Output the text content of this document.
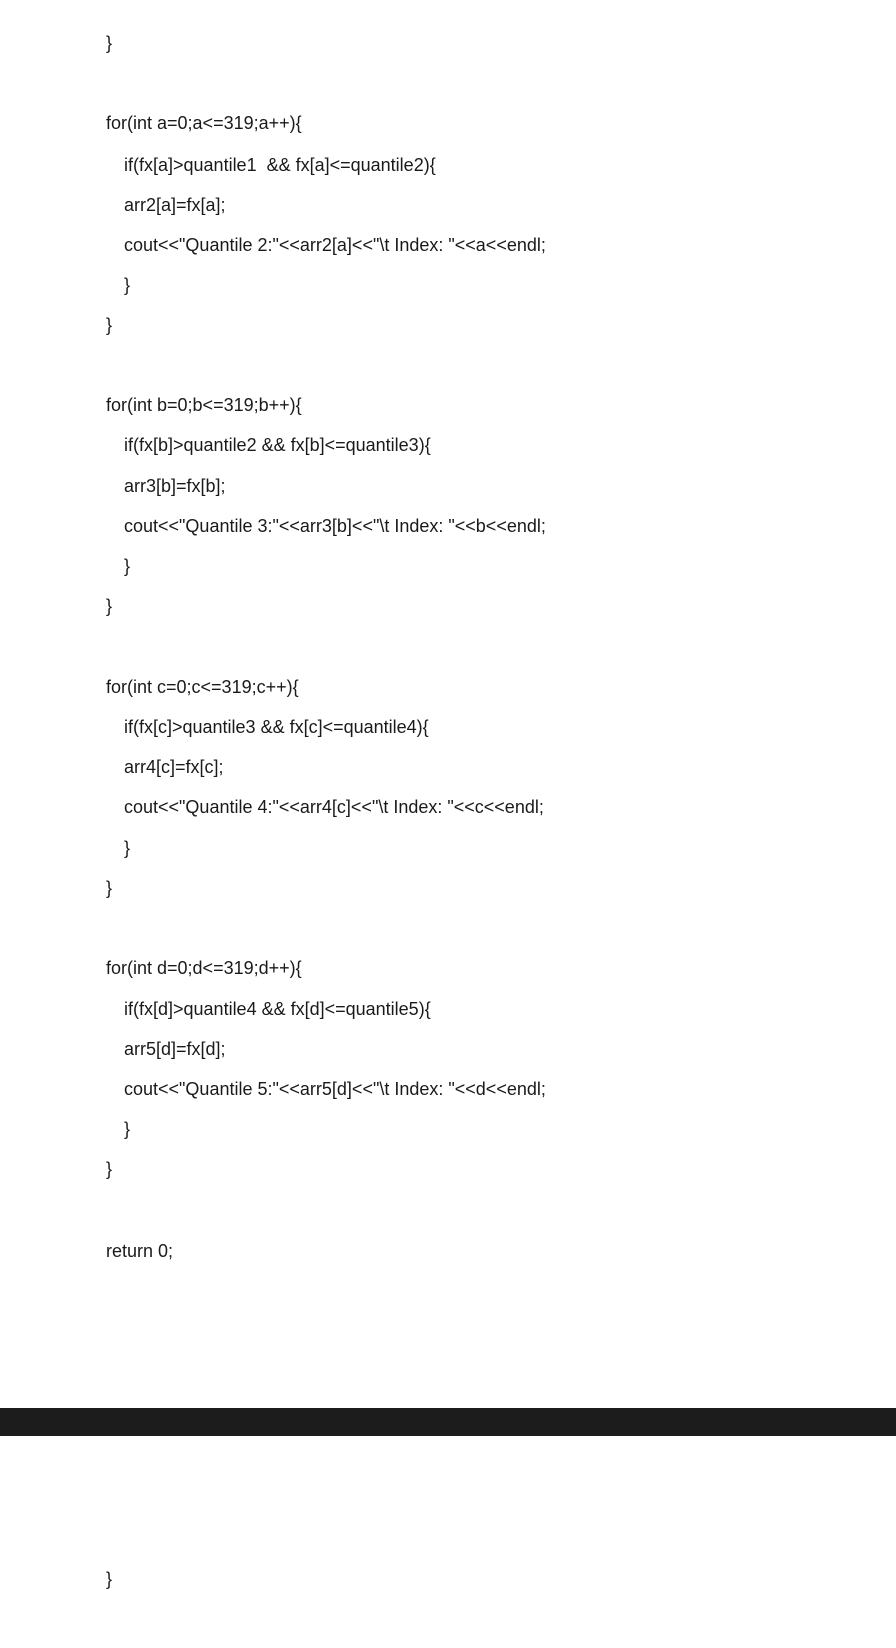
}
for(int a=0;a<=319;a++){
if(fx[a]>quantile1  && fx[a]<=quantile2){
arr2[a]=fx[a];
cout<<"Quantile 2:"<<arr2[a]<<"\t Index: "<<a<<endl;
}
}
for(int b=0;b<=319;b++){
if(fx[b]>quantile2 && fx[b]<=quantile3){
arr3[b]=fx[b];
cout<<"Quantile 3:"<<arr3[b]<<"\t Index: "<<b<<endl;
}
}
for(int c=0;c<=319;c++){
if(fx[c]>quantile3 && fx[c]<=quantile4){
arr4[c]=fx[c];
cout<<"Quantile 4:"<<arr4[c]<<"\t Index: "<<c<<endl;
}
}
for(int d=0;d<=319;d++){
if(fx[d]>quantile4 && fx[d]<=quantile5){
arr5[d]=fx[d];
cout<<"Quantile 5:"<<arr5[d]<<"\t Index: "<<d<<endl;
}
}
return 0;
}
